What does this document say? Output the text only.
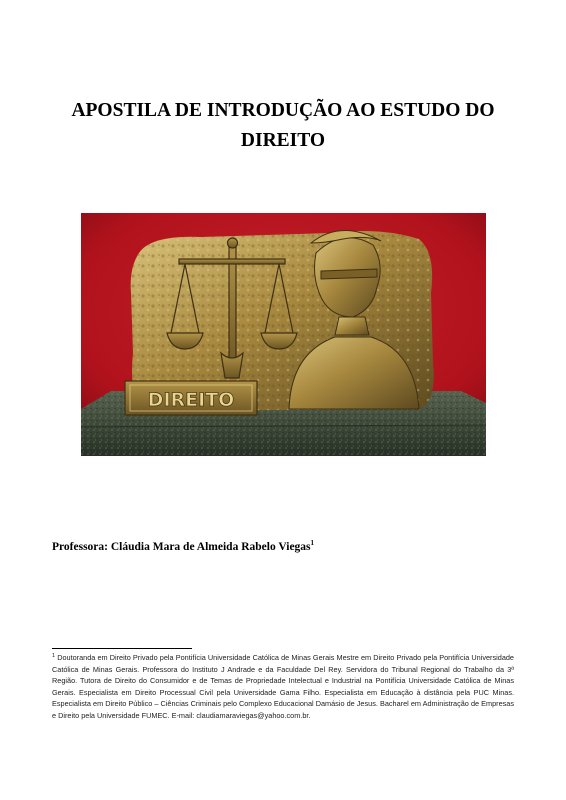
APOSTILA DE INTRODUÇÃO AO ESTUDO DO DIREITO
DIREITO

Professora: Cláudia Mara de Almeida Rabelo Viegas$^1$

$^1$ Doutoranda em Direito Privado pela Pontifícia Universidade Católica de Minas Gerais Mestre em Direito Privado pela Pontifícia Universidade Católica de Minas Gerais. Professora do Instituto J Andrade e da Faculdade Del Rey. Servidora do Tribunal Regional do Trabalho da 3ª Região. Tutora de Direito do Consumidor e de Temas de Propriedade Intelectual e Industrial na Pontifícia Universidade Católica de Minas Gerais. Especialista em Direito Processual Civil pela Universidade Gama Filho. Especialista em Educação à distância pela PUC Minas. Especialista em Direito Público – Ciências Criminais pelo Complexo Educacional Damásio de Jesus. Bacharel em Administração de Empresas e Direito pela Universidade FUMEC. E-mail: claudiamaraviegas@yahoo.com.br.
